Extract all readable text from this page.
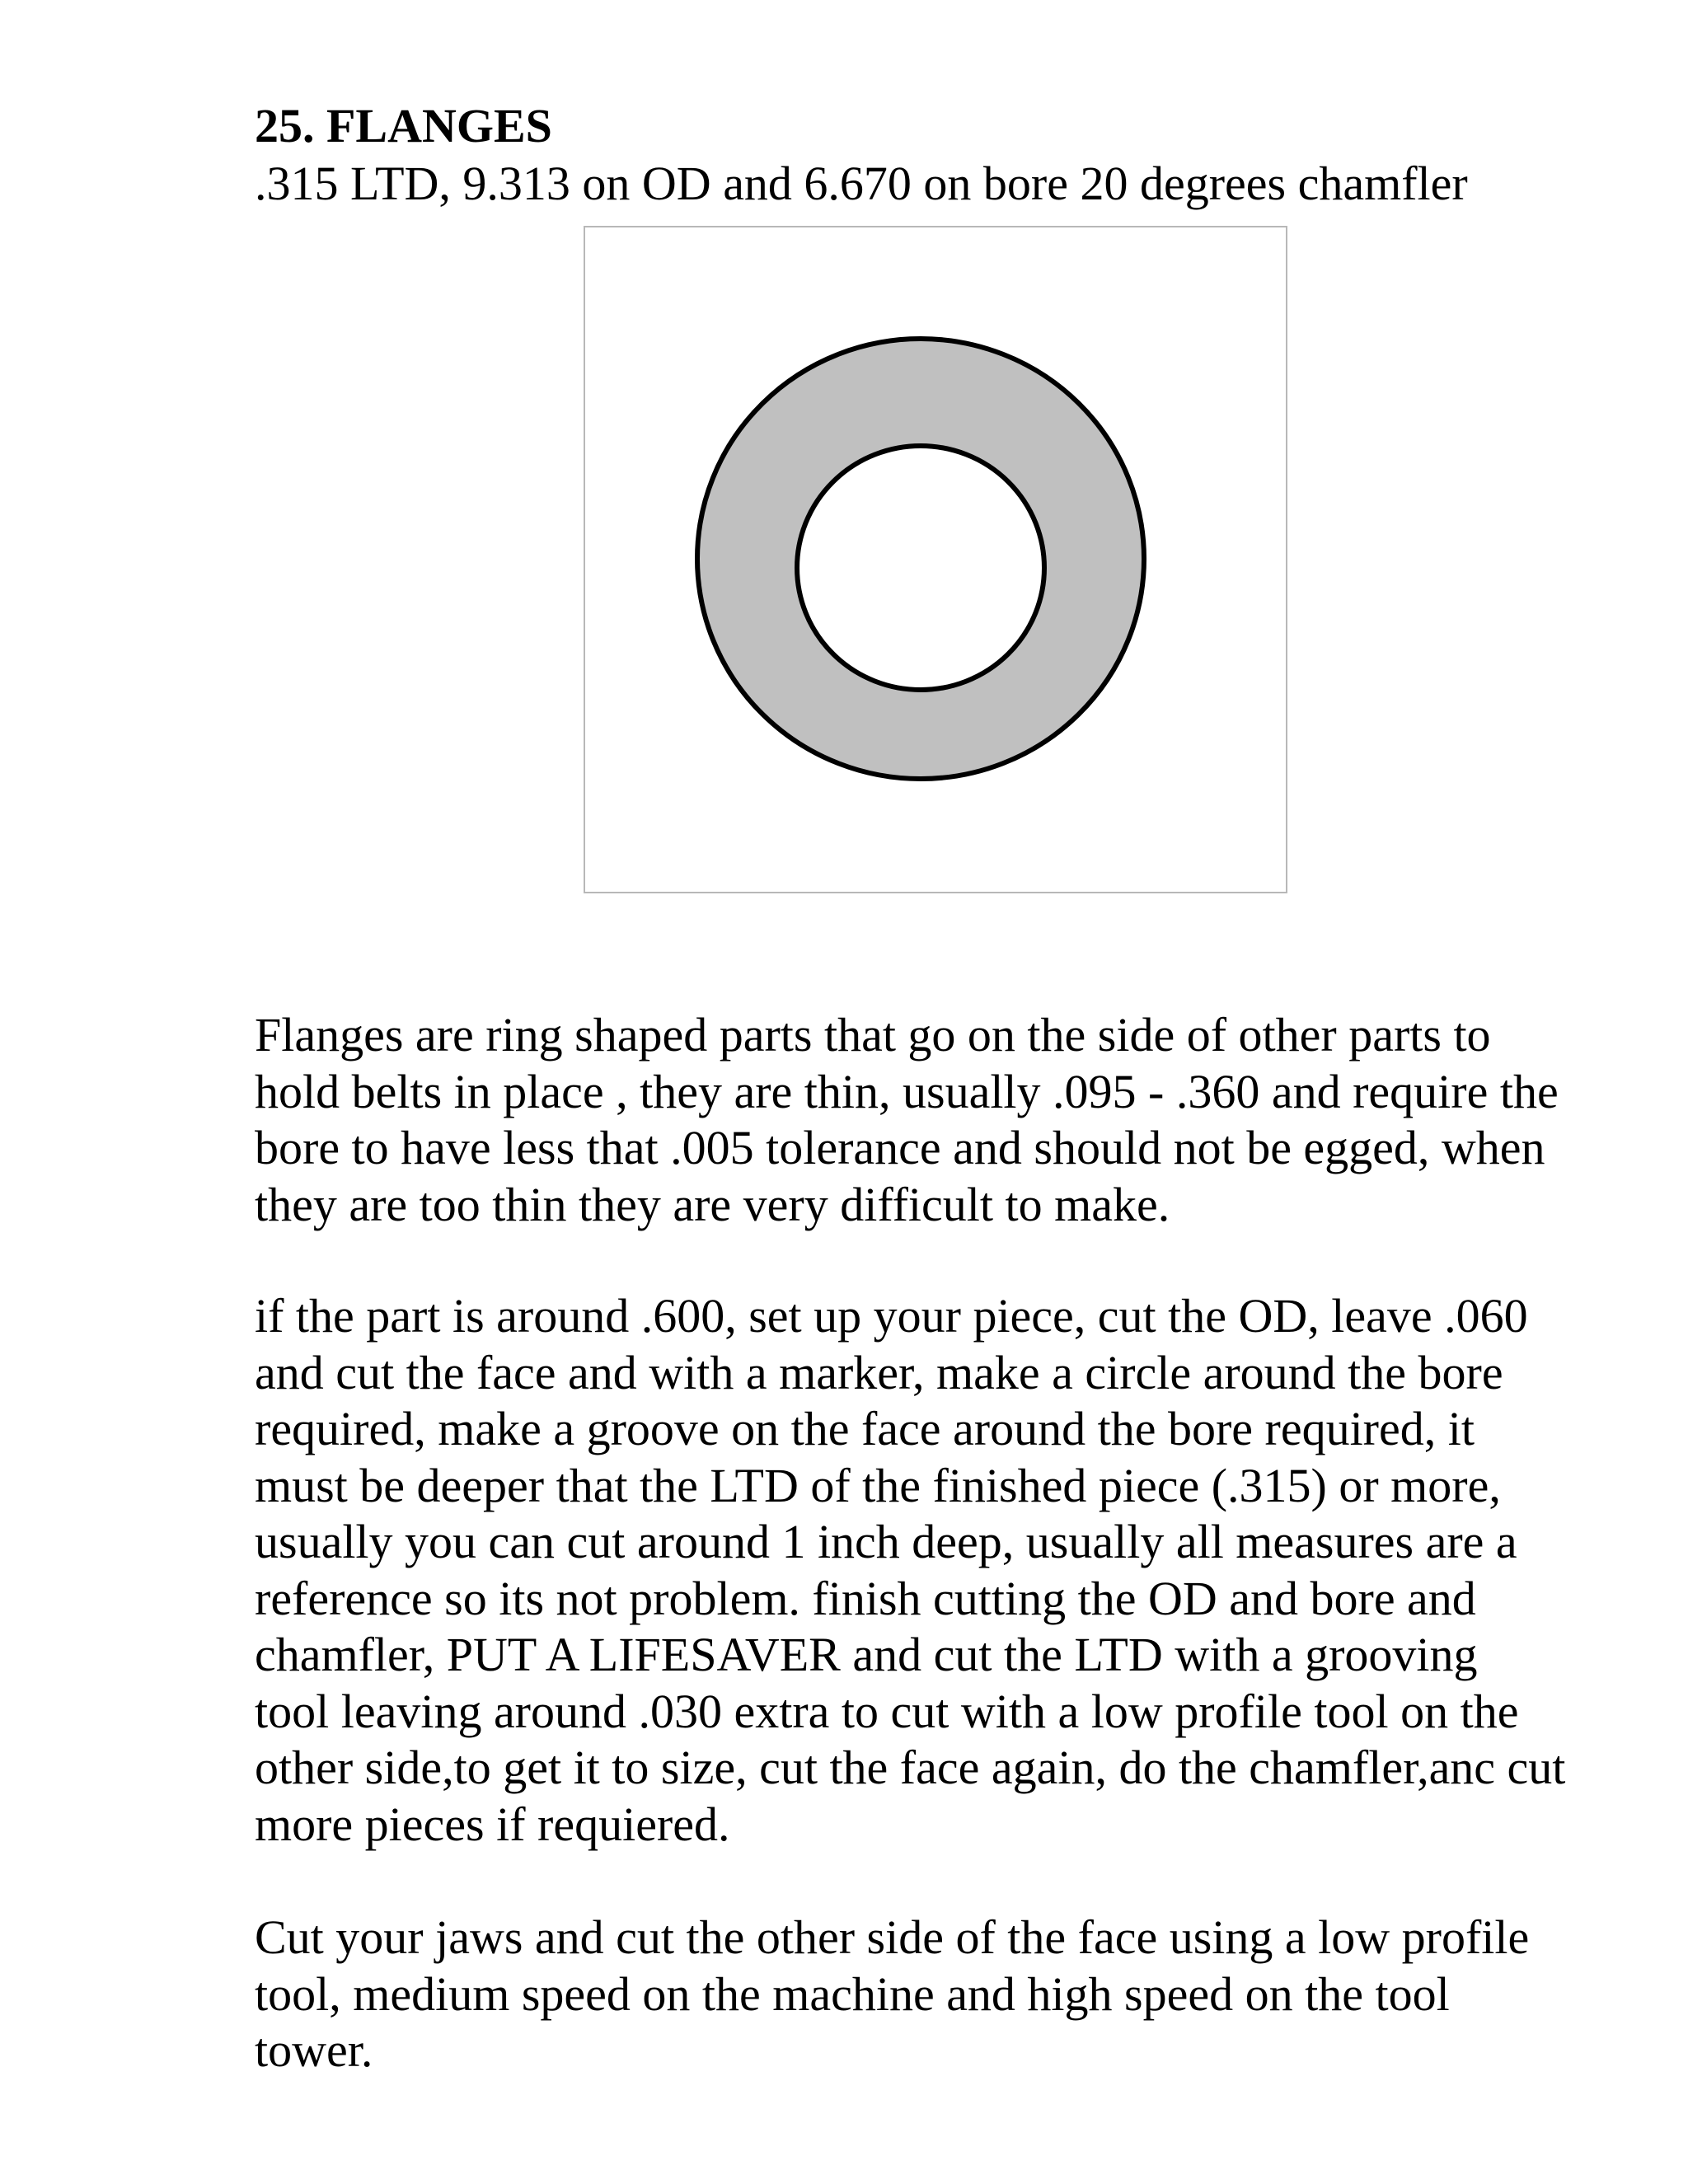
25. FLANGES
.315 LTD, 9.313 on OD and 6.670 on bore 20 degrees chamfler

Flanges are ring shaped parts that go on the side of other parts to
hold belts in place , they are thin, usually .095 - .360 and require the
bore to have less that .005 tolerance and should not be egged, when
they are too thin they are very difficult to make.

if the part is around .600, set up your piece, cut the OD, leave .060
and cut the face and with a marker, make a circle around the bore
required, make a groove on the face around the bore required, it
must be deeper that the LTD of the finished piece (.315) or more,
usually you can cut around 1 inch deep, usually all measures are a
reference so its not problem. finish cutting the OD and bore and
chamfler, PUT A LIFESAVER and cut the LTD with a grooving
tool leaving around .030 extra to cut with a low profile tool on the
other side,to get it to size, cut the face again, do the chamfler,anc cut
more pieces if requiered.

Cut your jaws and cut the other side of the face using a low profile
tool, medium speed on the machine and high speed on the tool
tower.
